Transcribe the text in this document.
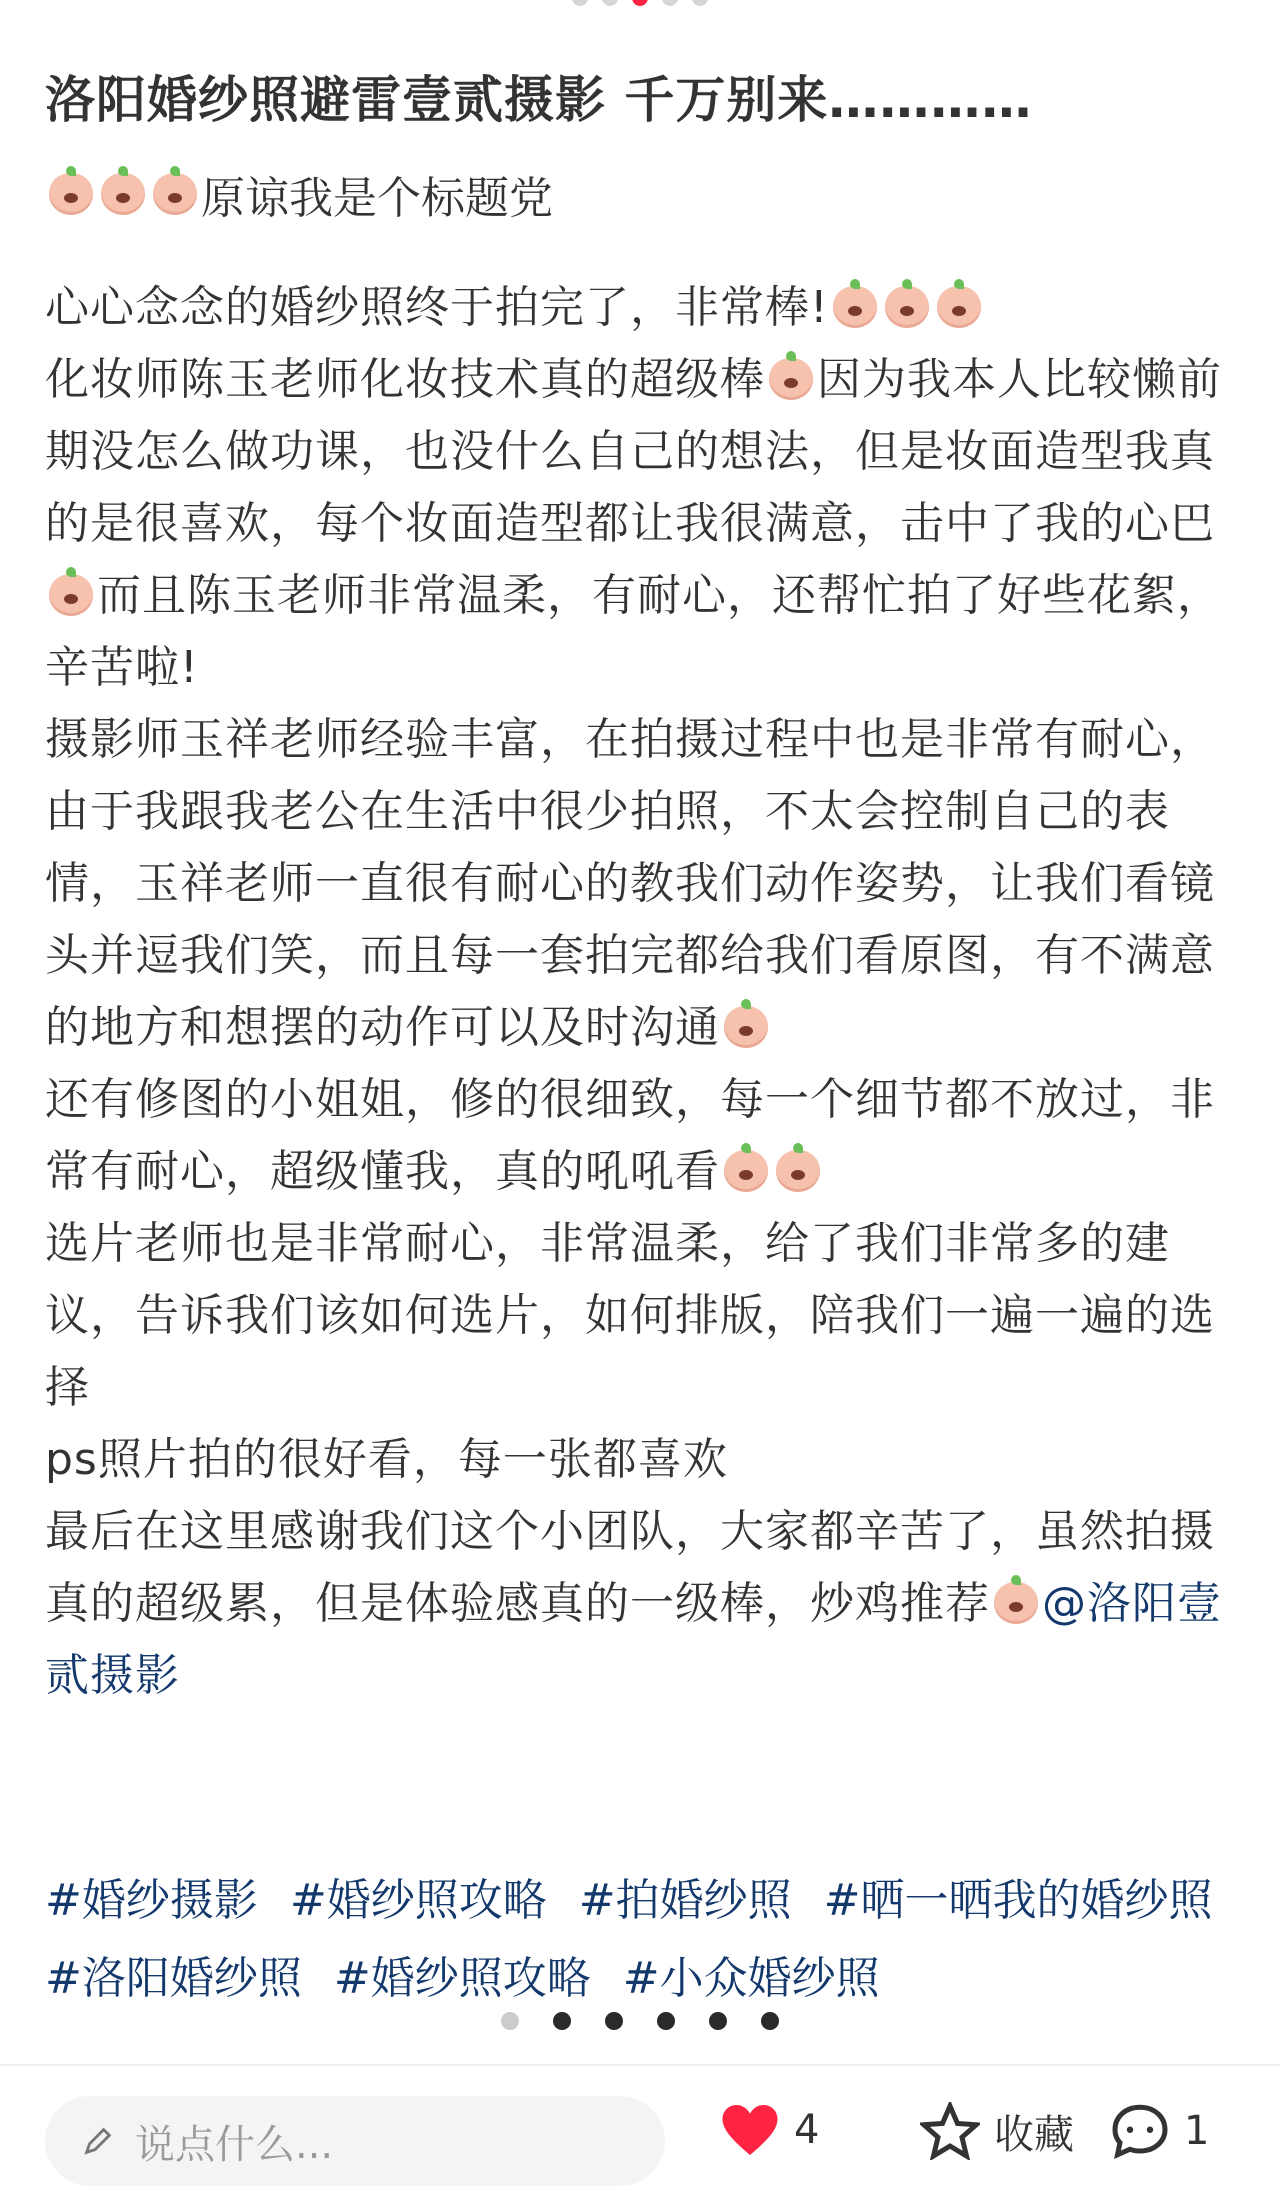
洛阳婚纱照避雷壹贰摄影 千万别来…………
原谅我是个标题党

心心念念的婚纱照终于拍完了，非常棒!

化妆师陈玉老师化妆技术真的超级棒 因为我本人比较懒前期没怎么做功课，也没什么自己的想法，但是妆面造型我真的是很喜欢，每个妆面造型都让我很满意，击中了我的心巴而且陈玉老师非常温柔，有耐心，还帮忙拍了好些花絮，辛苦啦!

摄影师玉祥老师经验丰富，在拍摄过程中也是非常有耐心，由于我跟我老公在生活中很少拍照，不太会控制自己的表情，玉祥老师一直很有耐心的教我们动作姿势，让我们看镜头并逗我们笑，而且每一套拍完都给我们看原图，有不满意的地方和想摆的动作可以及时沟通

还有修图的小姐姐，修的很细致，每一个细节都不放过，非常有耐心，超级懂我，真的吼吼看

选片老师也是非常耐心，非常温柔，给了我们非常多的建议，告诉我们该如何选片，如何排版，陪我们一遍一遍的选择

ps照片拍的很好看，每一张都喜欢

最后在这里感谢我们这个小团队，大家都辛苦了，虽然拍摄真的超级累，但是体验感真的一级棒，炒鸡推荐 @洛阳壹贰摄影

#婚纱摄影 #婚纱照攻略 #拍婚纱照 #晒一晒我的婚纱照 #洛阳婚纱照 #婚纱照攻略 #小众婚纱照
说点什么...	4	收藏	1
